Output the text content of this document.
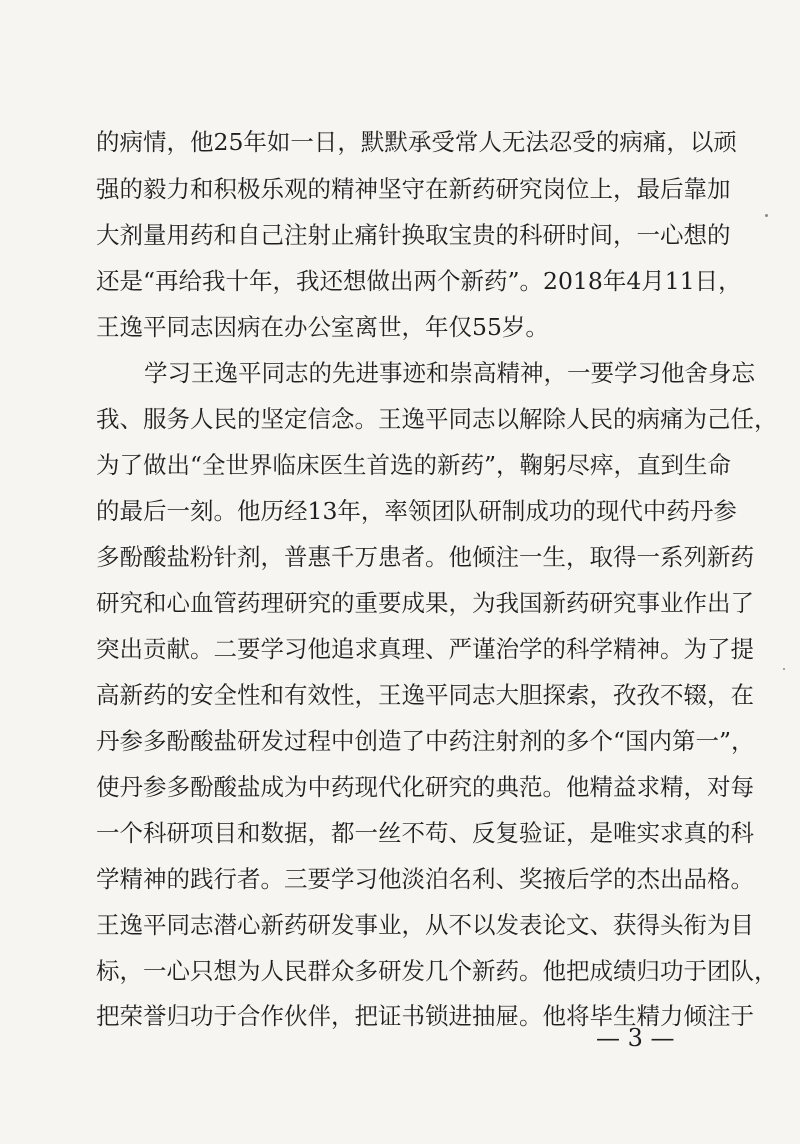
的病情，他25年如一日，默默承受常人无法忍受的病痛，以顽
强的毅力和积极乐观的精神坚守在新药研究岗位上，最后靠加
大剂量用药和自己注射止痛针换取宝贵的科研时间，一心想的
还是“再给我十年，我还想做出两个新药”。2018年4月11日，
王逸平同志因病在办公室离世，年仅55岁。
学习王逸平同志的先进事迹和崇高精神，一要学习他舍身忘
我、服务人民的坚定信念。王逸平同志以解除人民的病痛为己任，
为了做出“全世界临床医生首选的新药”，鞠躬尽瘁，直到生命
的最后一刻。他历经13年，率领团队研制成功的现代中药丹参
多酚酸盐粉针剂，普惠千万患者。他倾注一生，取得一系列新药
研究和心血管药理研究的重要成果，为我国新药研究事业作出了
突出贡献。二要学习他追求真理、严谨治学的科学精神。为了提
高新药的安全性和有效性，王逸平同志大胆探索，孜孜不辍，在
丹参多酚酸盐研发过程中创造了中药注射剂的多个“国内第一”，
使丹参多酚酸盐成为中药现代化研究的典范。他精益求精，对每
一个科研项目和数据，都一丝不苟、反复验证，是唯实求真的科
学精神的践行者。三要学习他淡泊名利、奖掖后学的杰出品格。
王逸平同志潜心新药研发事业，从不以发表论文、获得头衔为目
标，一心只想为人民群众多研发几个新药。他把成绩归功于团队，
把荣誉归功于合作伙伴，把证书锁进抽屉。他将毕生精力倾注于
— 3 —
